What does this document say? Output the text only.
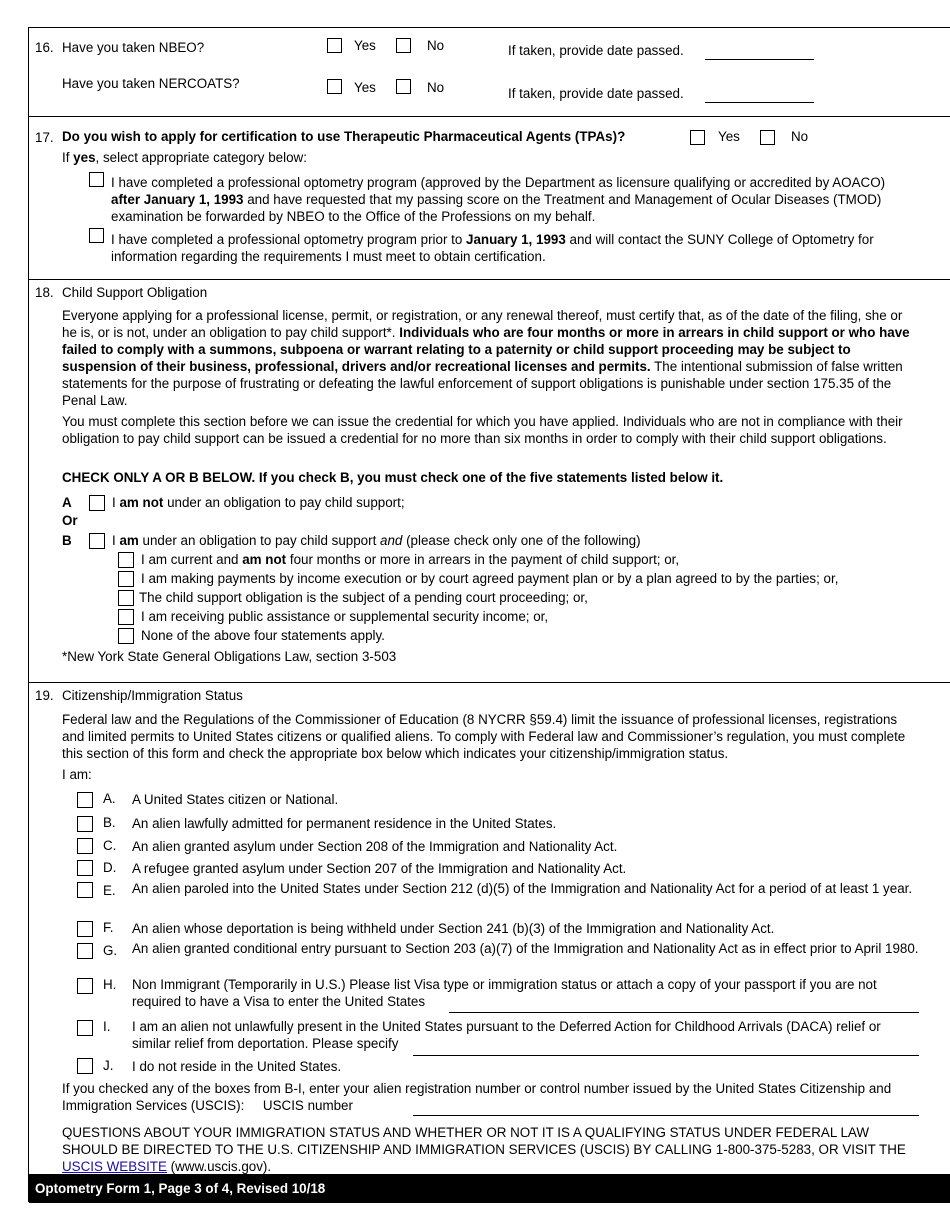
16. Have you taken NBEO?	Yes	No	If taken, provide date passed.
Have you taken NERCOATS?	Yes	No	If taken, provide date passed.
17. Do you wish to apply for certification to use Therapeutic Pharmaceutical Agents (TPAs)?	Yes	No
If yes, select appropriate category below:
I have completed a professional optometry program (approved by the Department as licensure qualifying or accredited by AOACO) after January 1, 1993 and have requested that my passing score on the Treatment and Management of Ocular Diseases (TMOD) examination be forwarded by NBEO to the Office of the Professions on my behalf.
I have completed a professional optometry program prior to January 1, 1993 and will contact the SUNY College of Optometry for information regarding the requirements I must meet to obtain certification.
18. Child Support Obligation
Everyone applying for a professional license, permit, or registration, or any renewal thereof, must certify that, as of the date of the filing, she or he is, or is not, under an obligation to pay child support*. Individuals who are four months or more in arrears in child support or who have failed to comply with a summons, subpoena or warrant relating to a paternity or child support proceeding may be subject to suspension of their business, professional, drivers and/or recreational licenses and permits. The intentional submission of false written statements for the purpose of frustrating or defeating the lawful enforcement of support obligations is punishable under section 175.35 of the Penal Law.
You must complete this section before we can issue the credential for which you have applied. Individuals who are not in compliance with their obligation to pay child support can be issued a credential for no more than six months in order to comply with their child support obligations.
CHECK ONLY A OR B BELOW. If you check B, you must check one of the five statements listed below it.
A	I am not under an obligation to pay child support;
Or
B	I am under an obligation to pay child support and (please check only one of the following)
I am current and am not four months or more in arrears in the payment of child support; or,
I am making payments by income execution or by court agreed payment plan or by a plan agreed to by the parties; or,
The child support obligation is the subject of a pending court proceeding; or,
I am receiving public assistance or supplemental security income; or,
None of the above four statements apply.
*New York State General Obligations Law, section 3-503
19. Citizenship/Immigration Status
Federal law and the Regulations of the Commissioner of Education (8 NYCRR §59.4) limit the issuance of professional licenses, registrations and limited permits to United States citizens or qualified aliens. To comply with Federal law and Commissioner’s regulation, you must complete this section of this form and check the appropriate box below which indicates your citizenship/immigration status.
I am:
A. A United States citizen or National.
B. An alien lawfully admitted for permanent residence in the United States.
C. An alien granted asylum under Section 208 of the Immigration and Nationality Act.
D. A refugee granted asylum under Section 207 of the Immigration and Nationality Act.
E. An alien paroled into the United States under Section 212 (d)(5) of the Immigration and Nationality Act for a period of at least 1 year.
F. An alien whose deportation is being withheld under Section 241 (b)(3) of the Immigration and Nationality Act.
G. An alien granted conditional entry pursuant to Section 203 (a)(7) of the Immigration and Nationality Act as in effect prior to April 1980.
H. Non Immigrant (Temporarily in U.S.) Please list Visa type or immigration status or attach a copy of your passport if you are not required to have a Visa to enter the United States
I. I am an alien not unlawfully present in the United States pursuant to the Deferred Action for Childhood Arrivals (DACA) relief or similar relief from deportation. Please specify
J. I do not reside in the United States.
If you checked any of the boxes from B-I, enter your alien registration number or control number issued by the United States Citizenship and Immigration Services (USCIS): USCIS number
QUESTIONS ABOUT YOUR IMMIGRATION STATUS AND WHETHER OR NOT IT IS A QUALIFYING STATUS UNDER FEDERAL LAW SHOULD BE DIRECTED TO THE U.S. CITIZENSHIP AND IMMIGRATION SERVICES (USCIS) BY CALLING 1-800-375-5283, OR VISIT THE USCIS WEBSITE (www.uscis.gov).
Optometry Form 1, Page 3 of 4, Revised 10/18
